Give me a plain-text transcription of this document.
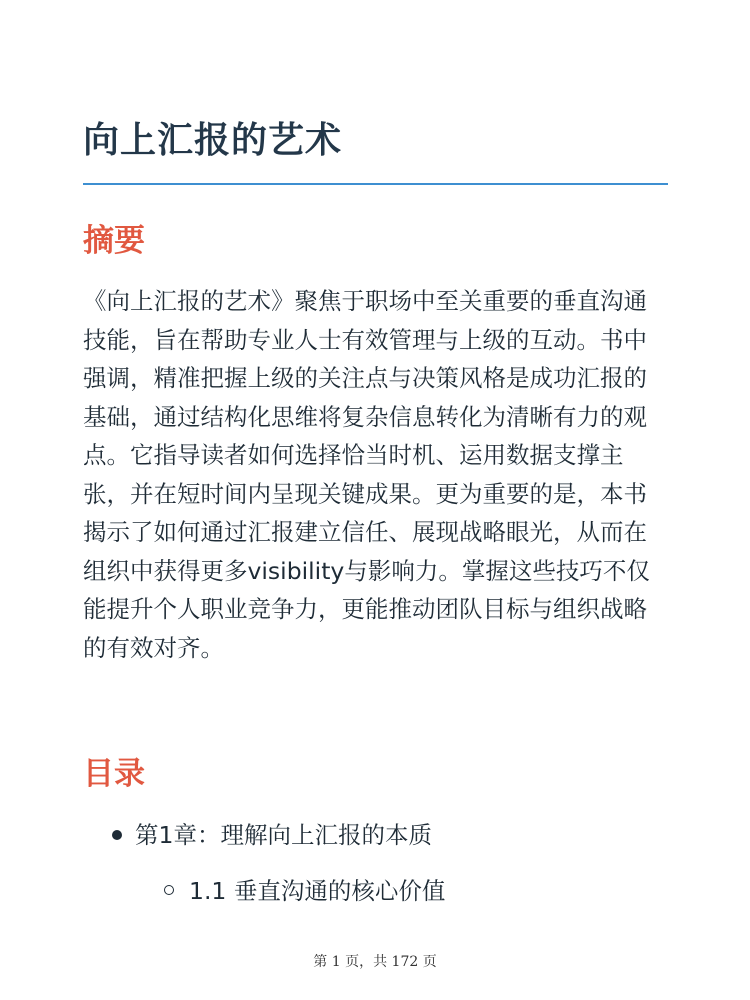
向上汇报的艺术
摘要

《向上汇报的艺术》聚焦于职场中至关重要的垂直沟通技能，旨在帮助专业人士有效管理与上级的互动。书中强调，精准把握上级的关注点与决策风格是成功汇报的基础，通过结构化思维将复杂信息转化为清晰有力的观点。它指导读者如何选择恰当时机、运用数据支撑主张，并在短时间内呈现关键成果。更为重要的是，本书揭示了如何通过汇报建立信任、展现战略眼光，从而在组织中获得更多visibility与影响力。掌握这些技巧不仅能提升个人职业竞争力，更能推动团队目标与组织战略的有效对齐。

目录
第1章：理解向上汇报的本质
1.1 垂直沟通的核心价值
第 1 页，共 172 页
